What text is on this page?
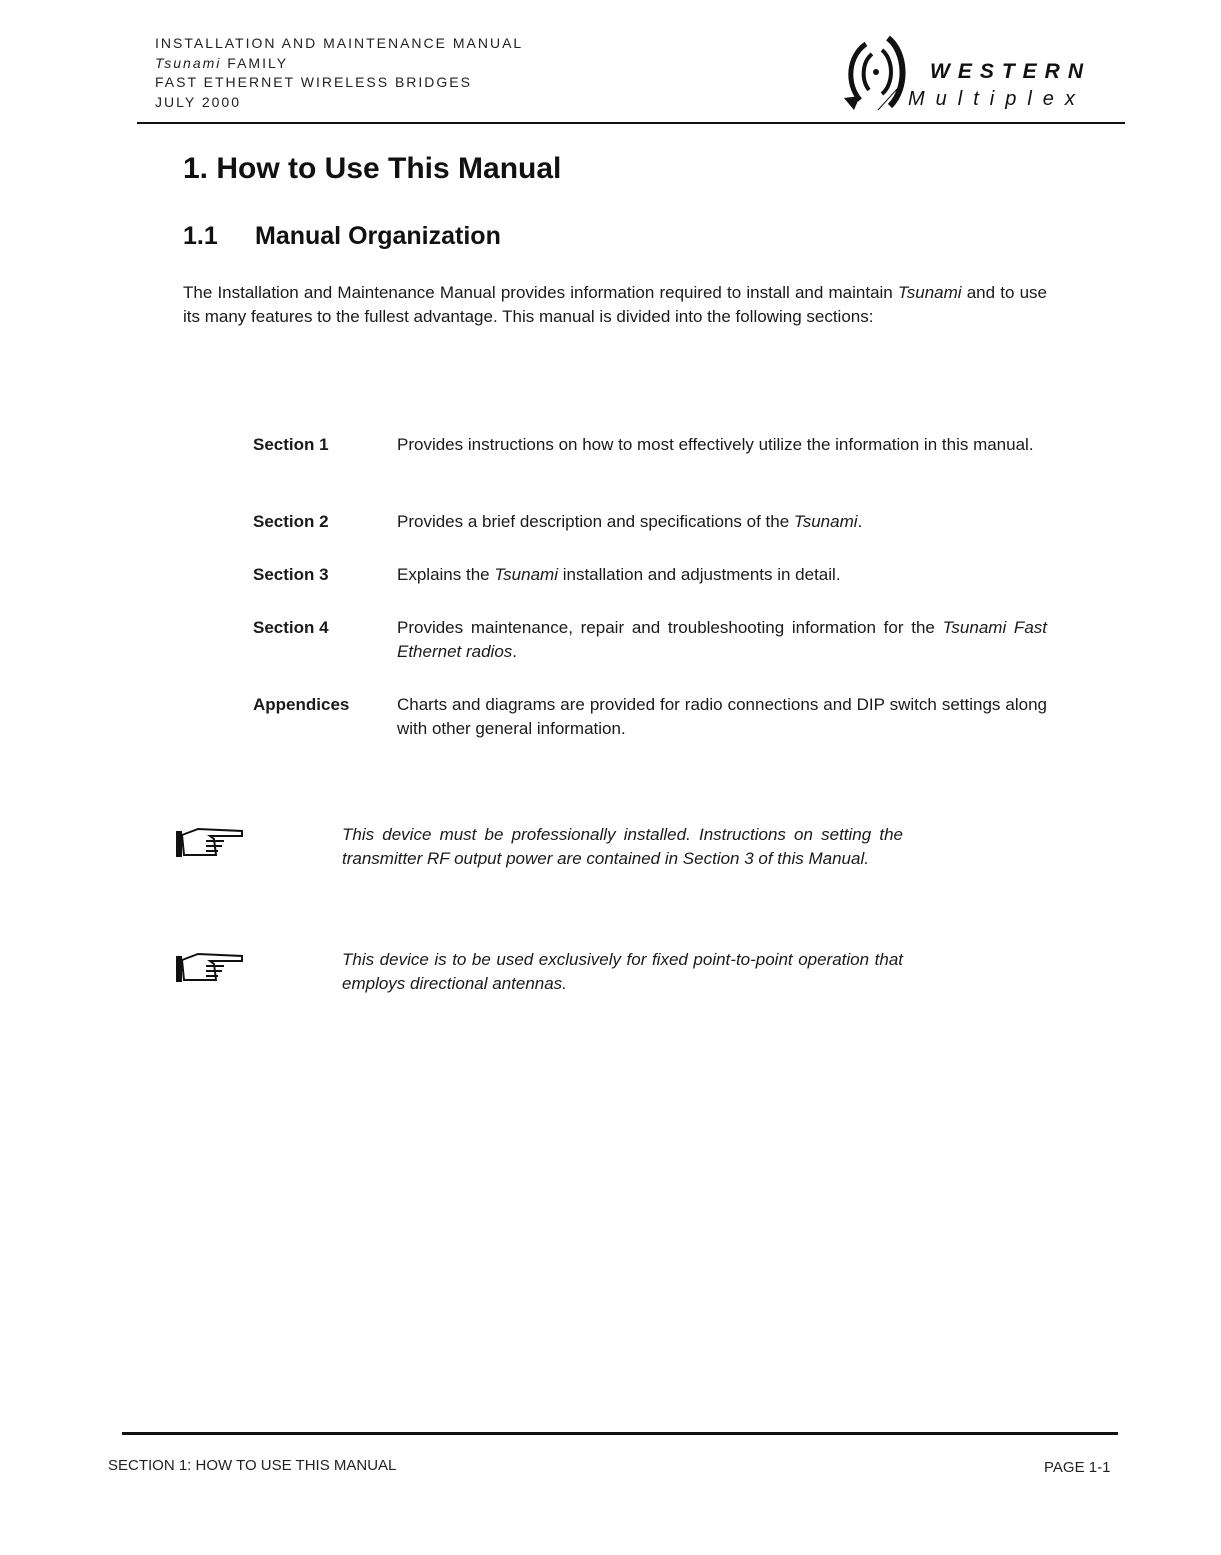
INSTALLATION AND MAINTENANCE MANUAL
Tsunami FAMILY
FAST ETHERNET WIRELESS BRIDGES
JULY 2000
WESTERN
Multiplex
1. How to Use This Manual
1.1 Manual Organization

The Installation and Maintenance Manual provides information required to install and maintain Tsunami and to use its many features to the fullest advantage. This manual is divided into the following sections:

Section 1	Provides instructions on how to most effectively utilize the information in this manual.
Section 2	Provides a brief description and specifications of the Tsunami.
Section 3	Explains the Tsunami installation and adjustments in detail.
Section 4	Provides maintenance, repair and troubleshooting information for the Tsunami Fast Ethernet radios.
Appendices	Charts and diagrams are provided for radio connections and DIP switch settings along with other general information.
This device must be professionally installed. Instructions on setting the transmitter RF output power are contained in Section 3 of this Manual.
This device is to be used exclusively for fixed point-to-point operation that employs directional antennas.
SECTION 1: HOW TO USE THIS MANUAL	PAGE 1-1
